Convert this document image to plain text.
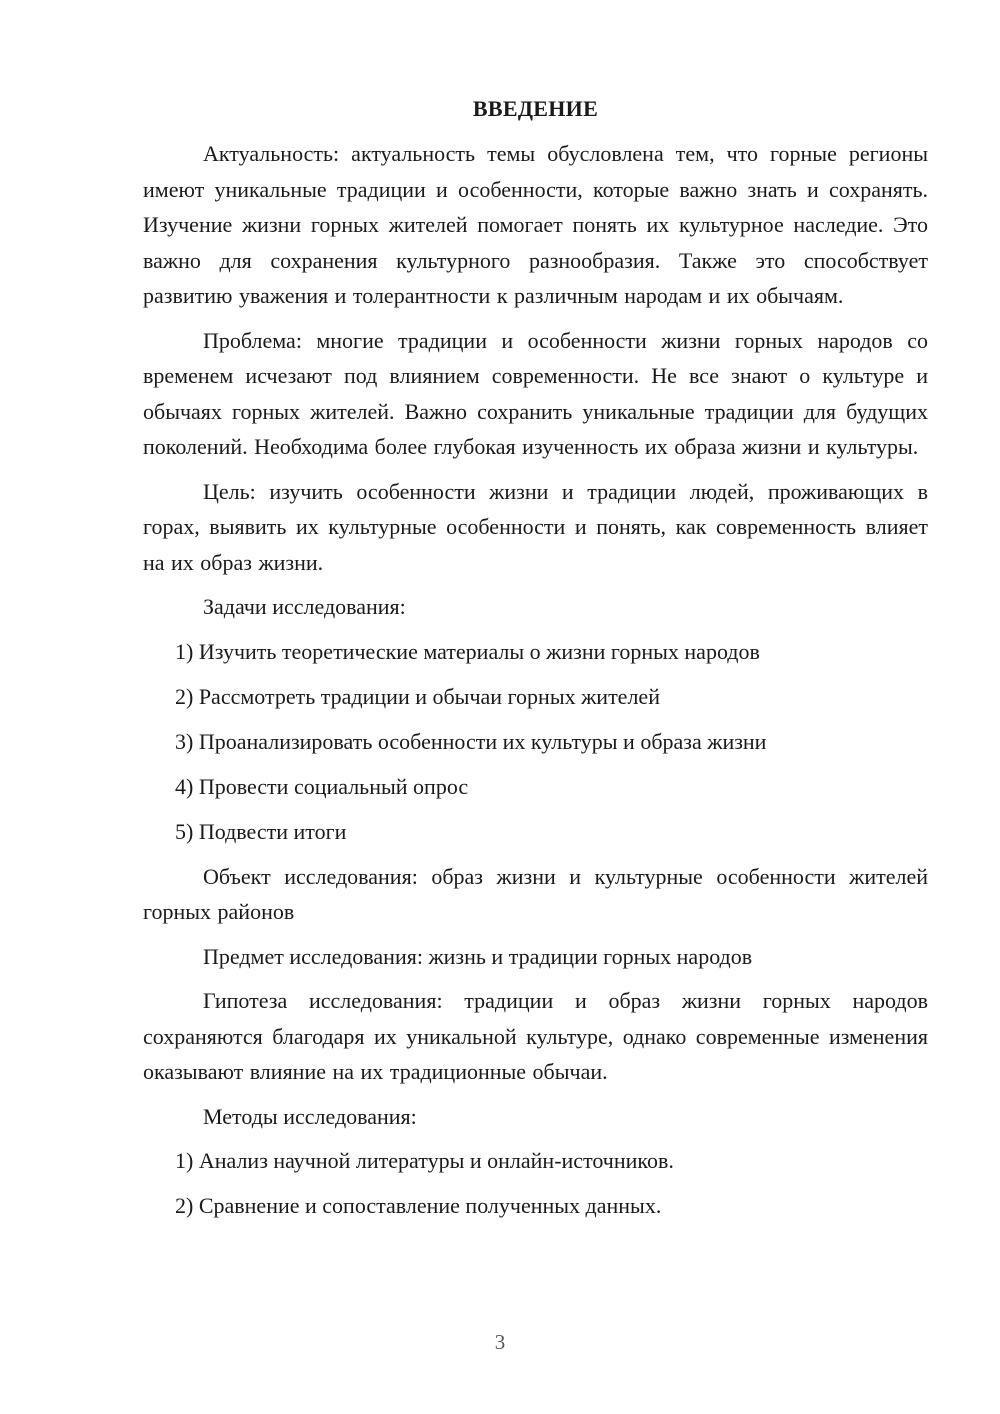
ВВЕДЕНИЕ

Актуальность: актуальность темы обусловлена тем, что горные регионы имеют уникальные традиции и особенности, которые важно знать и сохранять. Изучение жизни горных жителей помогает понять их культурное наследие. Это важно для сохранения культурного разнообразия. Также это способствует развитию уважения и толерантности к различным народам и их обычаям.

Проблема: многие традиции и особенности жизни горных народов со временем исчезают под влиянием современности. Не все знают о культуре и обычаях горных жителей. Важно сохранить уникальные традиции для будущих поколений. Необходима более глубокая изученность их образа жизни и культуры.

Цель: изучить особенности жизни и традиции людей, проживающих в горах, выявить их культурные особенности и понять, как современность влияет на их образ жизни.

Задачи исследования:

1) Изучить теоретические материалы о жизни горных народов
2) Рассмотреть традиции и обычаи горных жителей
3) Проанализировать особенности их культуры и образа жизни
4) Провести социальный опрос
5) Подвести итоги

Объект исследования: образ жизни и культурные особенности жителей горных районов

Предмет исследования: жизнь и традиции горных народов

Гипотеза исследования: традиции и образ жизни горных народов сохраняются благодаря их уникальной культуре, однако современные изменения оказывают влияние на их традиционные обычаи.

Методы исследования:

1) Анализ научной литературы и онлайн-источников.
2) Сравнение и сопоставление полученных данных.
3
